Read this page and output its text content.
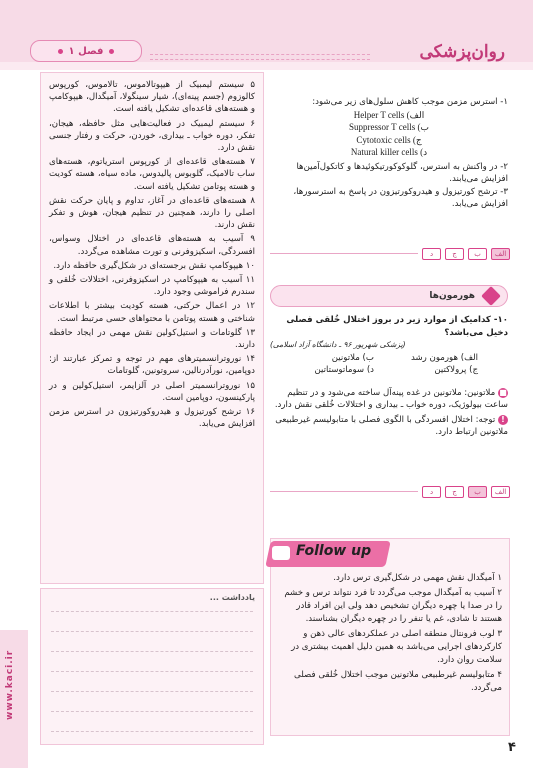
فصل ۱	روان‌پزشکی

۵ سیستم لیمبیک از هیپوتالاموس، تالاموس، کورپوس کالوزوم (جسم پینه‌ای)، شیار سینگولا، آمیگدال، هیپوکامپ و هسته‌های قاعده‌ای تشکیل یافته است.

۶ سیستم لیمبیک در فعالیت‌هایی مثل حافظه، هیجان، تفکر، دوره خواب ـ بیداری، خوردن، حرکت و رفتار جنسی نقش دارد.

۷ هسته‌های قاعده‌ای از کورپوس استریاتوم، هسته‌های ساب تالامیک، گلوبوس پالیدوس، ماده سیاه، هسته کودیت و هسته پوتامن تشکیل یافته است.

۸ هسته‌های قاعده‌ای در آغاز، تداوم و پایان حرکت نقش اصلی را دارند، همچنین در تنظیم هیجان، هوش و تفکر نقش دارند.

۹ آسیب به هسته‌های قاعده‌ای در اختلال وسواس، افسردگی، اسکیزوفرنی و تورت مشاهده می‌گردد.

۱۰ هیپوکامپ نقش برجسته‌ای در شکل‌گیری حافظه دارد.

۱۱ آسیب به هیپوکامپ در اسکیزوفرنی، اختلالات خُلقی و سندرم فراموشی وجود دارد.

۱۲ در اعمال حرکتی، هسته کودیت بیشتر با اطلاعات شناختی و هسته پوتامن با محتواهای حسی مرتبط است.

۱۳ گلوتامات و استیل‌کولین نقش مهمی در ایجاد حافظه دارند.

۱۴ نوروترانسمیترهای مهم در توجه و تمرکز عبارتند از: دوپامین، نوراَدرنالین، سروتونین، گلوتامات

۱۵ نوروترانسمیتر اصلی در آلزایمر، استیل‌کولین و در پارکینسون، دوپامین است.

۱۶ ترشح کورتیزول و هیدروکورتیزون در استرس مزمن افزایش می‌یابد.

یادداشت ...
۱- استرس مزمن موجب کاهش سلول‌های زیر می‌شود:
الف) Helper T cells
ب) Suppressor T cells
ج) Cytotoxic cells
د) Natural killer cells
۲- در واکنش به استرس، گلوکوکورتیکوئیدها و کاتکول‌آمین‌ها افزایش می‌یابند.
۳- ترشح کورتیزول و هیدروکورتیزون در پاسخ به استرسورها، افزایش می‌یابد.
الف
ب
ج
د
هورمون‌ها
۱۰- کدامیک از موارد زیر در بروز اختلال خُلقی فصلی دخیل می‌باشد؟
(پزشکی شهریور ۹۶ ـ دانشگاه آزاد اسلامی)
الف) هورمون رشد
ب) ملاتونین
ج) پرولاکتین
د) سوماتوستاتین
■ ملاتونین: ملاتونین در غده پینه‌آل ساخته می‌شود و در تنظیم ساعت بیولوژیک، دوره خواب ـ بیداری و اختلالات خُلقی نقش دارد.
! توجه: اختلال افسردگی با الگوی فصلی با متابولیسم غیرطبیعی ملاتونین ارتباط دارد.
الف
ب
ج
د
Follow up

۱ آمیگدال نقش مهمی در شکل‌گیری ترس دارد.

۲ آسیب به آمیگدال موجب می‌گردد تا فرد نتواند ترس و خشم را در صدا یا چهره دیگران تشخیص دهد ولی این افراد قادر هستند تا شادی، غم یا تنفر را در چهره دیگران بشناسند.

۳ لوب فرونتال منطقه اصلی در عملکردهای عالی ذهن و کارکردهای اجرایی می‌باشد به همین دلیل اهمیت بیشتری در سلامت روان دارد.

۴ متابولیسم غیرطبیعی ملاتونین موجب اختلال خُلقی فصلی می‌گردد.

www.kaci.ir
۴
